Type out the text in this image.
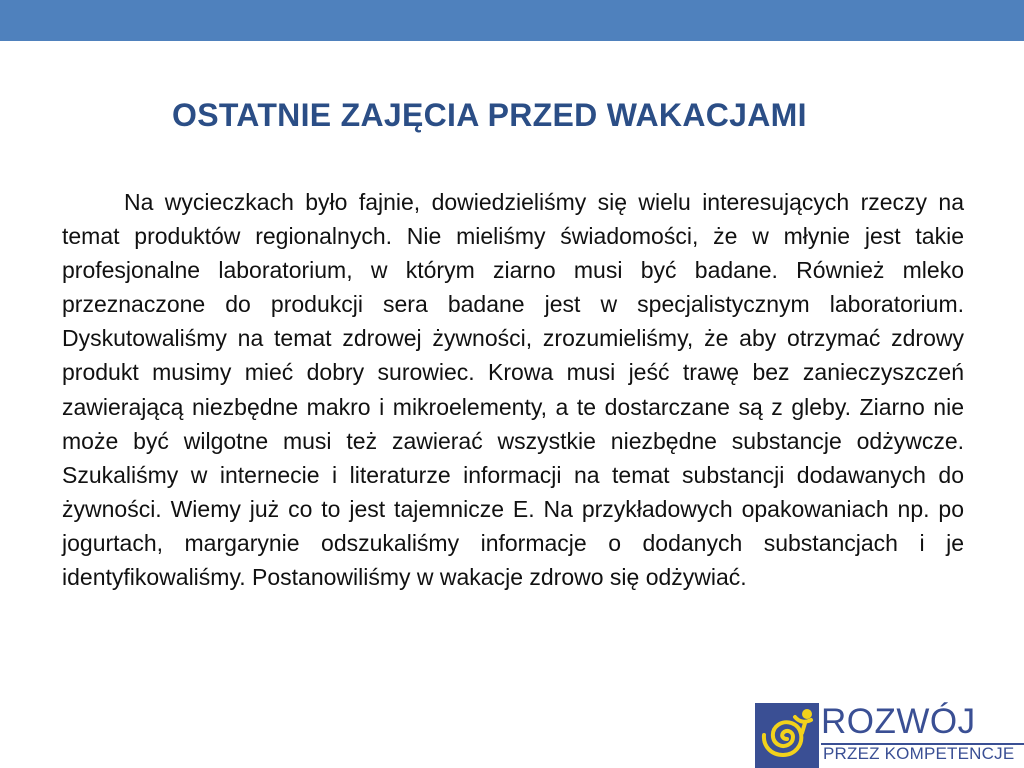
OSTATNIE ZAJĘCIA PRZED WAKACJAMI

Na wycieczkach było fajnie, dowiedzieliśmy się wielu interesujących rzeczy na temat produktów regionalnych. Nie mieliśmy świadomości, że w młynie jest takie profesjonalne laboratorium, w którym ziarno musi być badane. Również mleko przeznaczone do produkcji sera badane jest w specjalistycznym laboratorium. Dyskutowaliśmy na temat zdrowej żywności, zrozumieliśmy, że aby otrzymać zdrowy produkt musimy mieć dobry surowiec. Krowa musi jeść trawę bez zanieczyszczeń zawierającą niezbędne makro i mikroelementy, a te dostarczane są z gleby. Ziarno nie może być wilgotne musi też zawierać wszystkie niezbędne substancje odżywcze. Szukaliśmy w internecie i literaturze informacji na temat substancji dodawanych do żywności. Wiemy już co to jest tajemnicze E. Na przykładowych opakowaniach np. po jogurtach, margarynie odszukaliśmy informacje o dodanych substancjach i je identyfikowaliśmy. Postanowiliśmy w wakacje zdrowo się odżywiać.

ROZWÓJ
PRZEZ KOMPETENCJE
